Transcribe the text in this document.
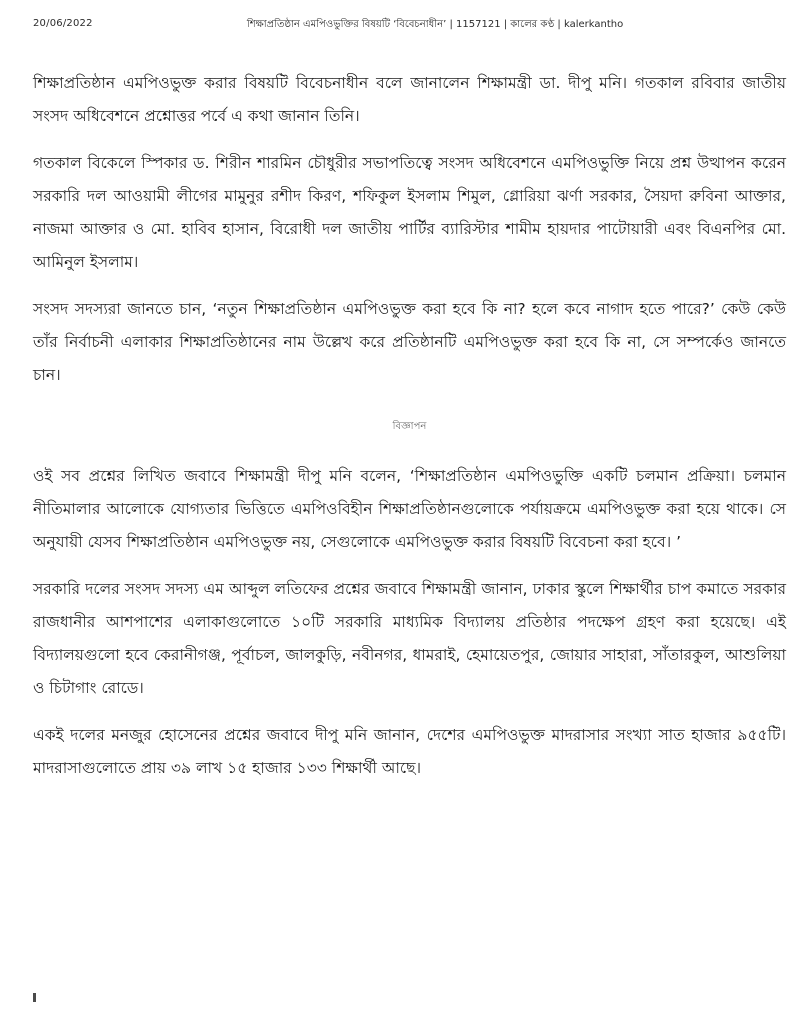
20/06/2022	শিক্ষাপ্রতিষ্ঠান এমপিওভুক্তির বিষয়টি ‘বিবেচনাধীন’ | 1157121 | কালের কণ্ঠ | kalerkantho

শিক্ষাপ্রতিষ্ঠান এমপিওভুক্ত করার বিষয়টি বিবেচনাধীন বলে জানালেন শিক্ষামন্ত্রী ডা. দীপু মনি। গতকাল রবিবার জাতীয় সংসদ অধিবেশনে প্রশ্নোত্তর পর্বে এ কথা জানান তিনি।

গতকাল বিকেলে স্পিকার ড. শিরীন শারমিন চৌধুরীর সভাপতিত্বে সংসদ অধিবেশনে এমপিওভুক্তি নিয়ে প্রশ্ন উত্থাপন করেন সরকারি দল আওয়ামী লীগের মামুনুর রশীদ কিরণ, শফিকুল ইসলাম শিমুল, গ্লোরিয়া ঝর্ণা সরকার, সৈয়দা রুবিনা আক্তার, নাজমা আক্তার ও মো. হাবিব হাসান, বিরোধী দল জাতীয় পার্টির ব্যারিস্টার শামীম হায়দার পাটোয়ারী এবং বিএনপির মো. আমিনুল ইসলাম।

সংসদ সদস্যরা জানতে চান, ‘নতুন শিক্ষাপ্রতিষ্ঠান এমপিওভুক্ত করা হবে কি না? হলে কবে নাগাদ হতে পারে?’ কেউ কেউ তাঁর নির্বাচনী এলাকার শিক্ষাপ্রতিষ্ঠানের নাম উল্লেখ করে প্রতিষ্ঠানটি এমপিওভুক্ত করা হবে কি না, সে সম্পর্কেও জানতে চান।

বিজ্ঞাপন

ওই সব প্রশ্নের লিখিত জবাবে শিক্ষামন্ত্রী দীপু মনি বলেন, ‘শিক্ষাপ্রতিষ্ঠান এমপিওভুক্তি একটি চলমান প্রক্রিয়া। চলমান নীতিমালার আলোকে যোগ্যতার ভিত্তিতে এমপিওবিহীন শিক্ষাপ্রতিষ্ঠানগুলোকে পর্যায়ক্রমে এমপিওভুক্ত করা হয়ে থাকে। সে অনুযায়ী যেসব শিক্ষাপ্রতিষ্ঠান এমপিওভুক্ত নয়, সেগুলোকে এমপিওভুক্ত করার বিষয়টি বিবেচনা করা হবে। ’

সরকারি দলের সংসদ সদস্য এম আব্দুল লতিফের প্রশ্নের জবাবে শিক্ষামন্ত্রী জানান, ঢাকার স্কুলে শিক্ষার্থীর চাপ কমাতে সরকার রাজধানীর আশপাশের এলাকাগুলোতে ১০টি সরকারি মাধ্যমিক বিদ্যালয় প্রতিষ্ঠার পদক্ষেপ গ্রহণ করা হয়েছে। এই বিদ্যালয়গুলো হবে কেরানীগঞ্জ, পূর্বাচল, জালকুড়ি, নবীনগর, ধামরাই, হেমায়েতপুর, জোয়ার সাহারা, সাঁতারকুল, আশুলিয়া ও চিটাগাং রোডে।

একই দলের মনজুর হোসেনের প্রশ্নের জবাবে দীপু মনি জানান, দেশের এমপিওভুক্ত মাদরাসার সংখ্যা সাত হাজার ৯৫৫টি। মাদরাসাগুলোতে প্রায় ৩৯ লাখ ১৫ হাজার ১৩৩ শিক্ষার্থী আছে।
